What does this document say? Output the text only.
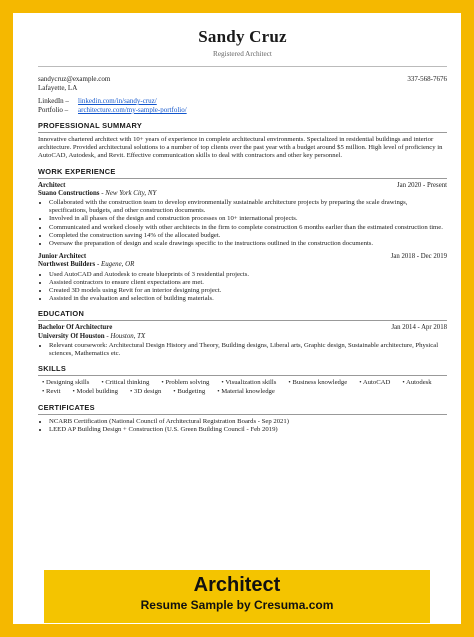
Sandy Cruz
Registered Architect
sandycruz@example.com	337-568-7676
Lafayette, LA
LinkedIn – linkedin.com/in/sandy-cruz/
Portfolio – architecture.com/my-sample-portfolio/
PROFESSIONAL SUMMARY
Innovative chartered architect with 10+ years of experience in complete architectural environments. Specialized in residential buildings and interior architecture. Provided architectural solutions to a number of top clients over the past year with a budget around $5 million. High level of proficiency in AutoCAD, Autodesk, and Revit. Effective communication skills to deal with contractors and other key personnel.
WORK EXPERIENCE
Architect	Jan 2020 - Present
Suano Constructions - New York City, NY
• Collaborated with the construction team to develop environmentally sustainable architecture projects by preparing the scale drawings, specifications, budgets, and other construction documents.
• Involved in all phases of the design and construction processes on 10+ international projects.
• Communicated and worked closely with other architects in the firm to complete construction 6 months earlier than the estimated construction time.
• Completed the construction saving 14% of the allocated budget.
• Oversaw the preparation of design and scale drawings specific to the instructions outlined in the construction documents.
Junior Architect	Jan 2018 - Dec 2019
Northwest Builders - Eugene, OR
• Used AutoCAD and Autodesk to create blueprints of 3 residential projects.
• Assisted contractors to ensure client expectations are met.
• Created 3D models using Revit for an interior designing project.
• Assisted in the evaluation and selection of building materials.
EDUCATION
Bachelor Of Architecture	Jan 2014 - Apr 2018
University Of Houston - Houston, TX
• Relevant coursework: Architectural Design History and Theory, Building designs, Liberal arts, Graphic design, Sustainable architecture, Physical sciences, Mathematics etc.
SKILLS
• Designing skills	• Critical thinking	• Problem solving	• Visualization skills	• Business knowledge	• AutoCAD	• Autodesk
• Revit	• Model building	• 3D design	• Budgeting	• Material knowledge
CERTIFICATES
• NCARB Certification (National Council of Architectural Registration Boards - Sep 2021)
• LEED AP Building Design + Construction (U.S. Green Building Council - Feb 2019)
Architect
Resume Sample by Cresuma.com
